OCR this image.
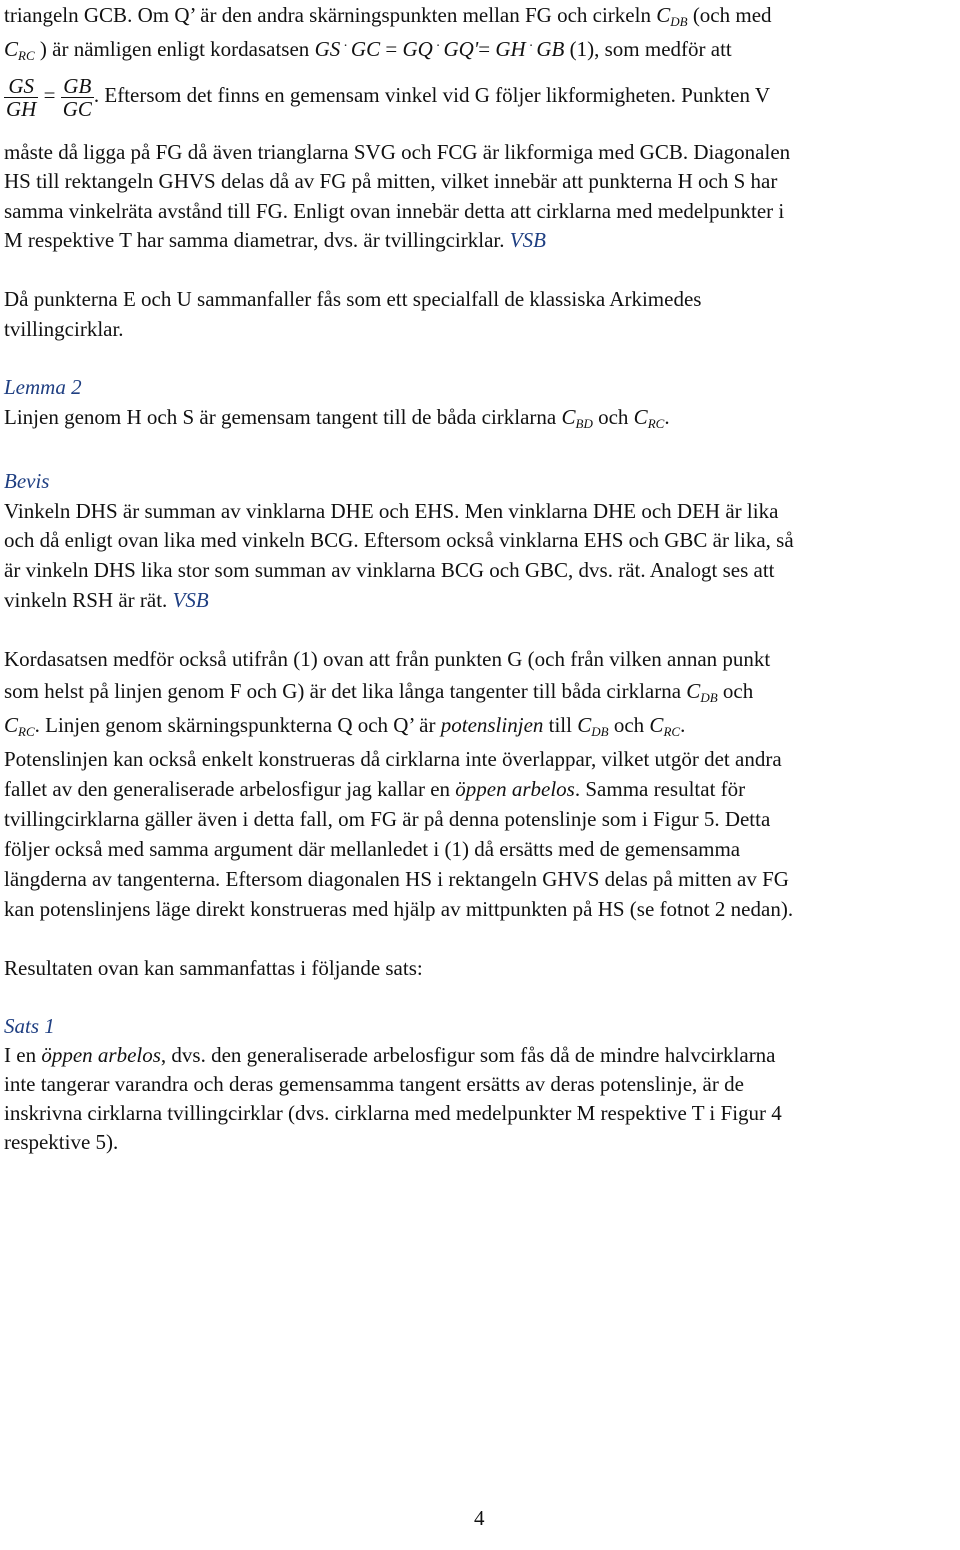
triangeln GCB. Om Q’ är den andra skärningspunkten mellan FG och cirkeln $C_{DB}$ (och med
$C_{RC}$ ) är nämligen enligt kordasatsen GS · GC = GQ · GQ'= GH · GB (1), som medför att
$\frac{GS}{GH} = \frac{GB}{GC}$ . Eftersom det finns en gemensam vinkel vid G följer likformigheten. Punkten V
måste då ligga på FG då även trianglarna SVG och FCG är likformiga med GCB. Diagonalen
HS till rektangeln GHVS delas då av FG på mitten, vilket innebär att punkterna H och S har
samma vinkelräta avstånd till FG. Enligt ovan innebär detta att cirklarna med medelpunkter i
M respektive T har samma diametrar, dvs. är tvillingcirklar. VSB
Då punkterna E och U sammanfaller fås som ett specialfall de klassiska Arkimedes
tvillingcirklar.
Lemma 2
Linjen genom H och S är gemensam tangent till de båda cirklarna $C_{BD}$ och $C_{RC}$.
Bevis
Vinkeln DHS är summan av vinklarna DHE och EHS. Men vinklarna DHE och DEH är lika
och då enligt ovan lika med vinkeln BCG. Eftersom också vinklarna EHS och GBC är lika, så
är vinkeln DHS lika stor som summan av vinklarna BCG och GBC, dvs. rät. Analogt ses att
vinkeln RSH är rät. VSB
Kordasatsen medför också utifrån (1) ovan att från punkten G (och från vilken annan punkt
som helst på linjen genom F och G) är det lika långa tangenter till båda cirklarna $C_{DB}$ och
$C_{RC}$. Linjen genom skärningspunkterna Q och Q’ är potenslinjen till $C_{DB}$ och $C_{RC}$.
Potenslinjen kan också enkelt konstrueras då cirklarna inte överlappar, vilket utgör det andra
fallet av den generaliserade arbelosfigur jag kallar en öppen arbelos. Samma resultat för
tvillingcirklarna gäller även i detta fall, om FG är på denna potenslinje som i Figur 5. Detta
följer också med samma argument där mellanledet i (1) då ersätts med de gemensamma
längderna av tangenterna. Eftersom diagonalen HS i rektangeln GHVS delas på mitten av FG
kan potenslinjens läge direkt konstrueras med hjälp av mittpunkten på HS (se fotnot 2 nedan).
Resultaten ovan kan sammanfattas i följande sats:
Sats 1
I en öppen arbelos, dvs. den generaliserade arbelosfigur som fås då de mindre halvcirklarna
inte tangerar varandra och deras gemensamma tangent ersätts av deras potenslinje, är de
inskrivna cirklarna tvillingcirklar (dvs. cirklarna med medelpunkter M respektive T i Figur 4
respektive 5).
4
